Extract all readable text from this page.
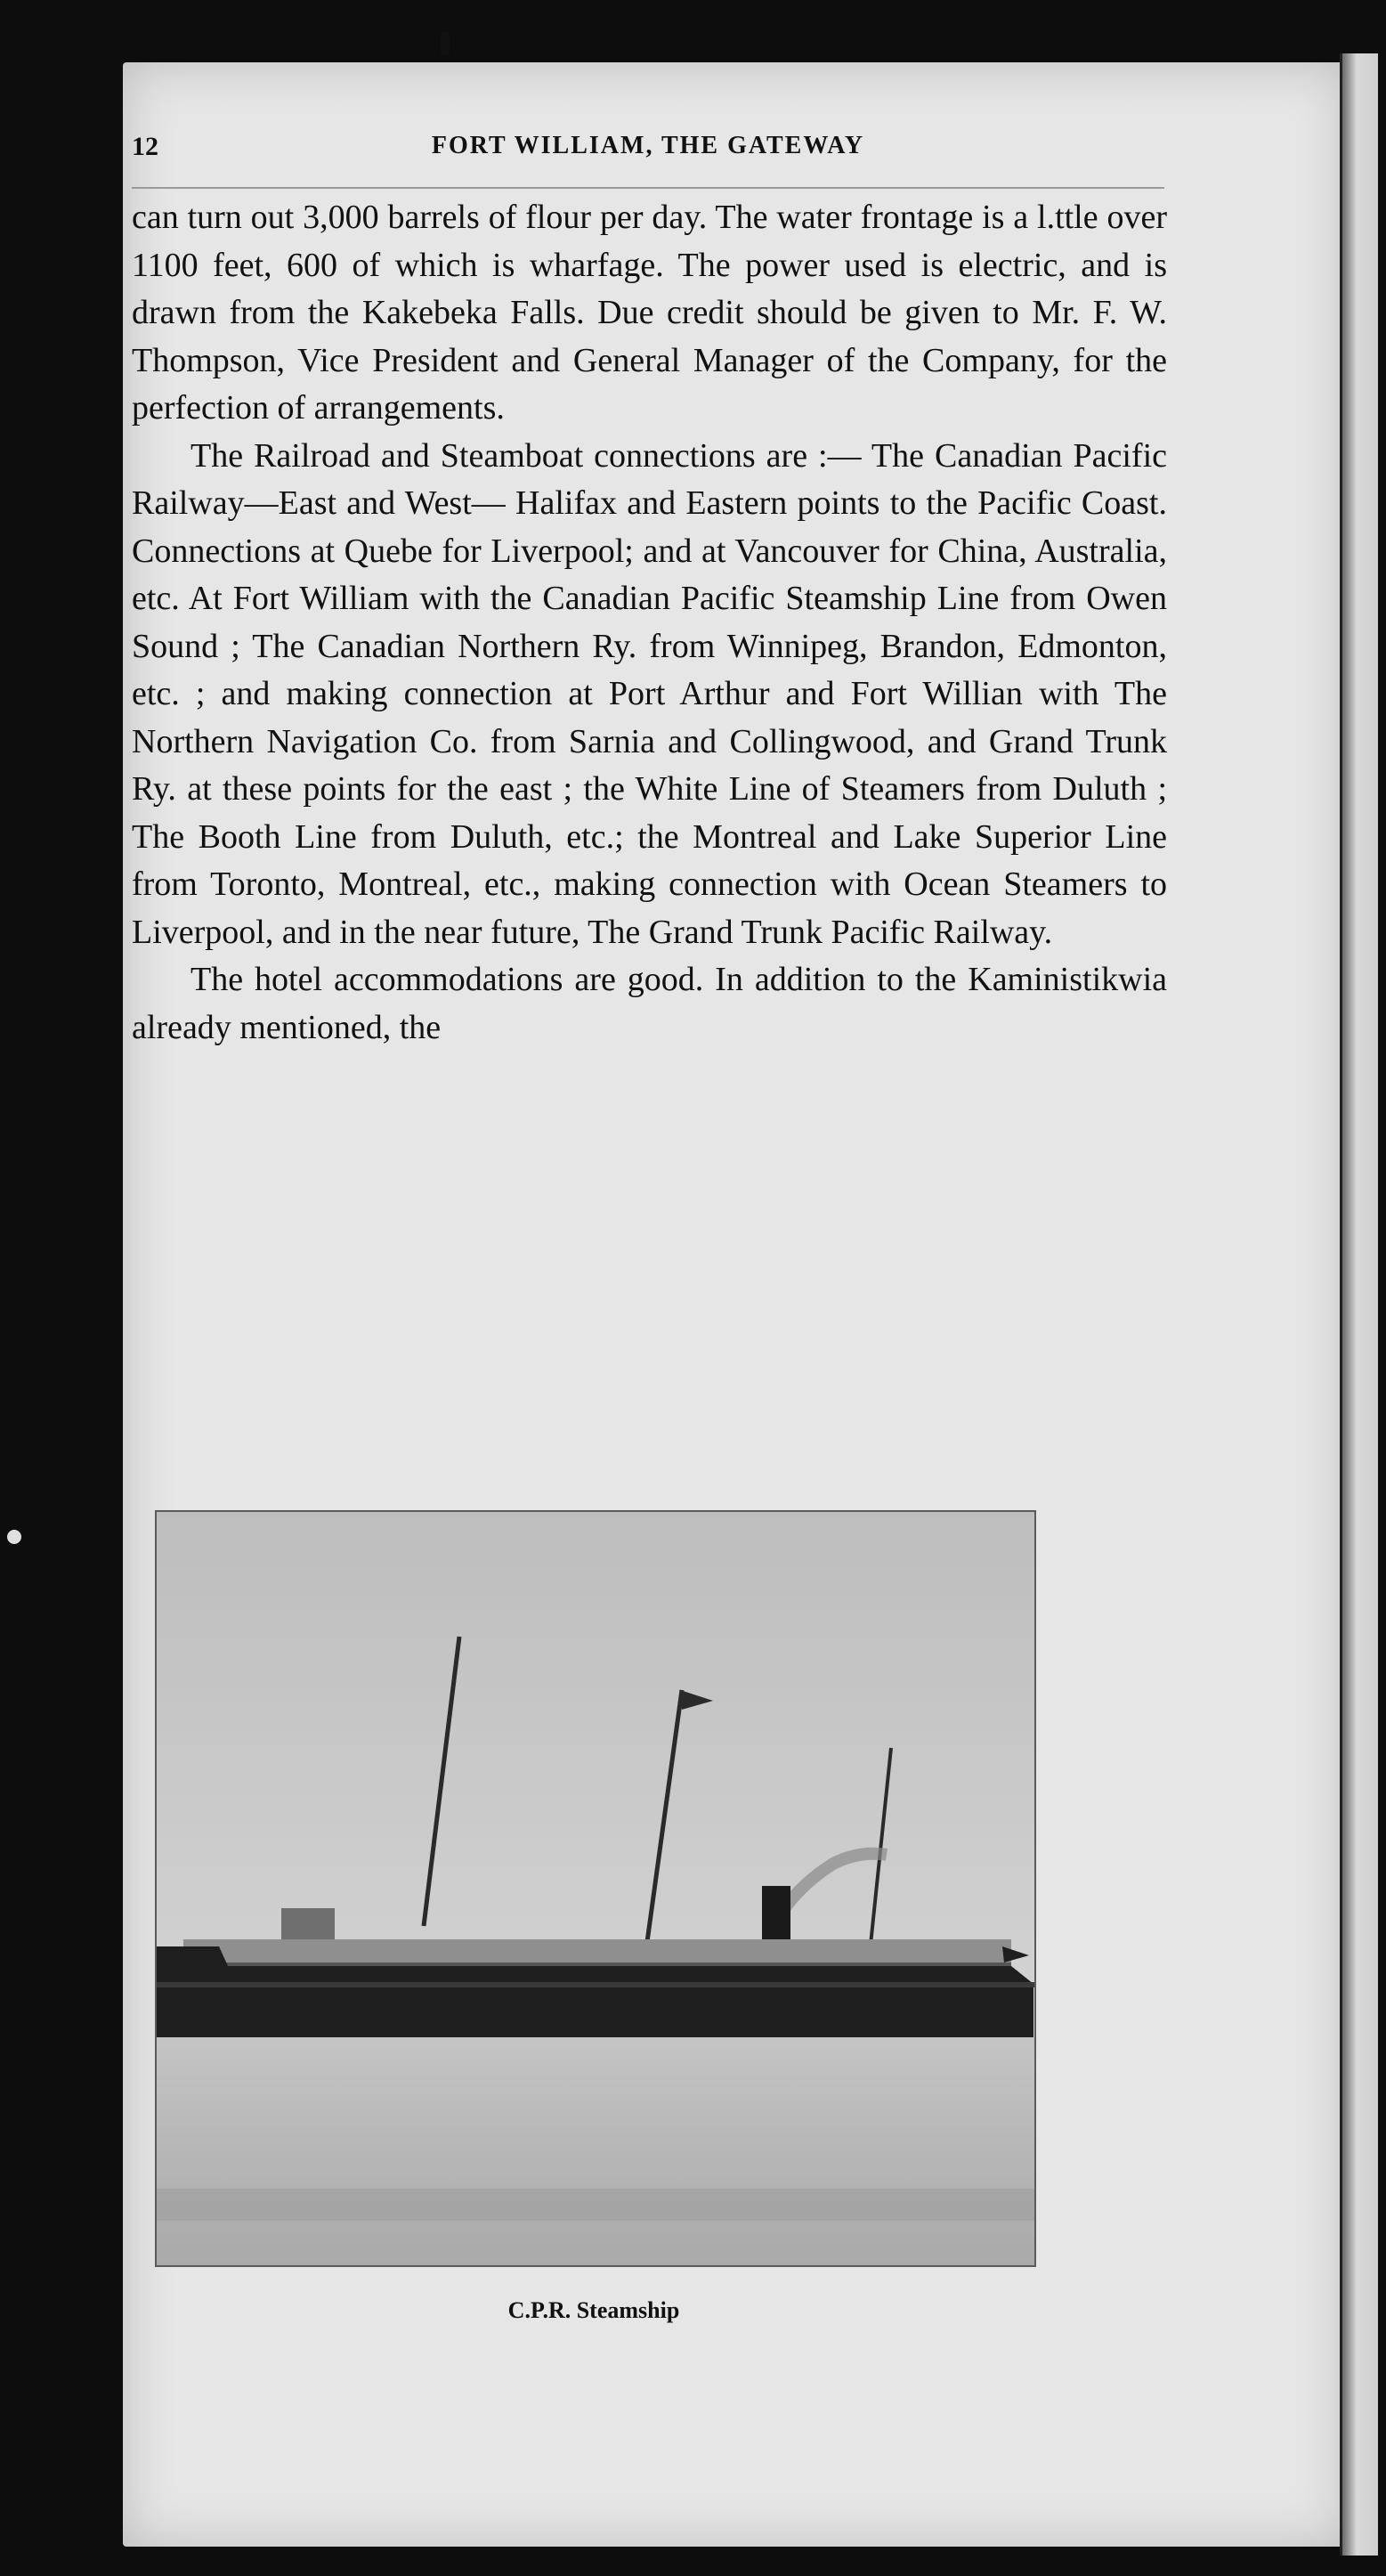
12	FORT WILLIAM, THE GATEWAY

can turn out 3,000 barrels of flour per day. The water frontage is a l.ttle over 1100 feet, 600 of which is wharfage. The power used is electric, and is drawn from the Kakebeka Falls. Due credit should be given to Mr. F. W. Thompson, Vice President and General Manager of the Company, for the perfection of arrangements.

The Railroad and Steamboat connections are :— The Canadian Pacific Railway—East and West— Halifax and Eastern points to the Pacific Coast. Connections at Quebe for Liverpool; and at Vancouver for China, Australia, etc. At Fort William with the Canadian Pacific Steamship Line from Owen Sound ; The Canadian Northern Ry. from Winnipeg, Brandon, Edmonton, etc. ; and making connection at Port Arthur and Fort Willian with The Northern Navigation Co. from Sarnia and Collingwood, and Grand Trunk Ry. at these points for the east ; the White Line of Steamers from Duluth ; The Booth Line from Duluth, etc.; the Montreal and Lake Superior Line from Toronto, Montreal, etc., making connection with Ocean Steamers to Liverpool, and in the near future, The Grand Trunk Pacific Railway.

The hotel accommodations are good. In addition to the Kaministikwia already mentioned, the

C.P.R. Steamship
